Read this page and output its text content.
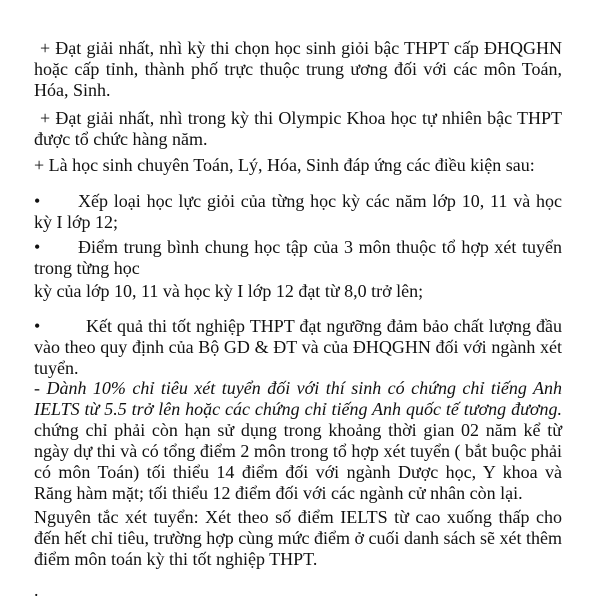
+ Đạt giải nhất, nhì kỳ thi chọn học sinh giỏi bậc THPT cấp ĐHQGHN hoặc cấp tỉnh, thành phố trực thuộc trung ương đối với các môn Toán, Hóa, Sinh.

+ Đạt giải nhất, nhì trong kỳ thi Olympic Khoa học tự nhiên bậc THPT được tổ chức hàng năm.

+ Là học sinh chuyên Toán, Lý, Hóa, Sinh đáp ứng các điều kiện sau:

• Xếp loại học lực giỏi của từng học kỳ các năm lớp 10, 11 và học kỳ I lớp 12;

• Điểm trung bình chung học tập của 3 môn thuộc tổ hợp xét tuyển trong từng học

kỳ của lớp 10, 11 và học kỳ I lớp 12 đạt từ 8,0 trở lên;

•	Kết quả thi tốt nghiệp THPT đạt ngưỡng đảm bảo chất lượng đầu vào theo quy định của Bộ GD & ĐT và của ĐHQGHN đối với ngành xét tuyển.

- Dành 10% chỉ tiêu xét tuyển đối với thí sinh có chứng chỉ tiếng Anh IELTS từ 5.5 trở lên hoặc các chứng chỉ tiếng Anh quốc tế tương đương. chứng chỉ phải còn hạn sử dụng trong khoảng thời gian 02 năm kể từ ngày dự thi và có tổng điểm 2 môn trong tổ hợp xét tuyển ( bắt buộc phải có môn Toán) tối thiểu 14 điểm đối với ngành Dược học, Y khoa và Răng hàm mặt; tối thiểu 12 điểm đối với các ngành cử nhân còn lại.

Nguyên tắc xét tuyển: Xét theo số điểm IELTS từ cao xuống thấp cho đến hết chỉ tiêu, trường hợp cùng mức điểm ở cuối danh sách sẽ xét thêm điểm môn toán kỳ thi tốt nghiệp THPT.

.
